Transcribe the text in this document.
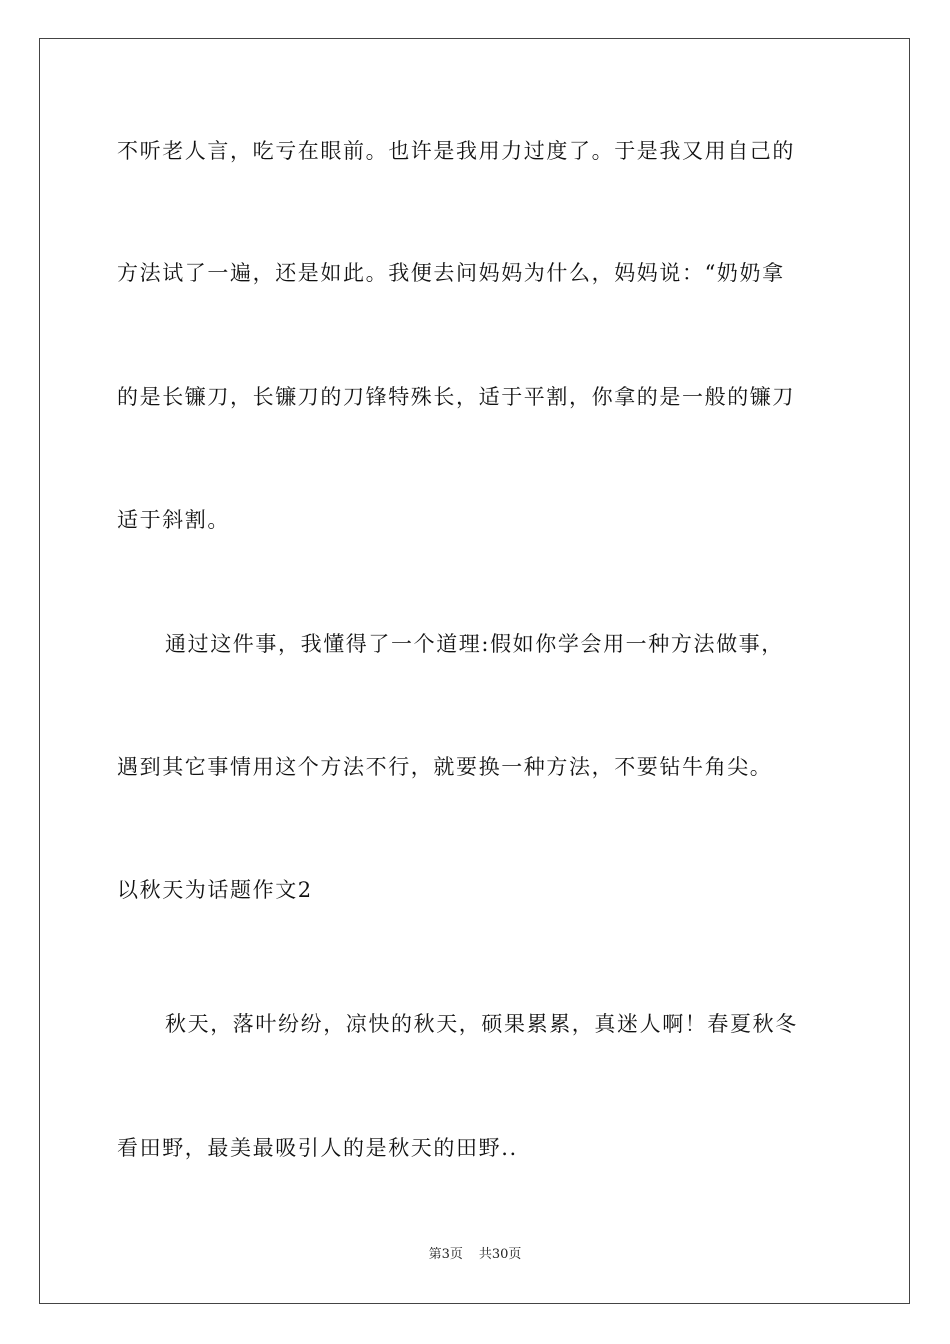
不听老人言，吃亏在眼前。也许是我用力过度了。于是我又用自己的
方法试了一遍，还是如此。我便去问妈妈为什么，妈妈说：“奶奶拿
的是长镰刀，长镰刀的刀锋特殊长，适于平割，你拿的是一般的镰刀
适于斜割。
通过这件事，我懂得了一个道理:假如你学会用一种方法做事，
遇到其它事情用这个方法不行，就要换一种方法，不要钻牛角尖。
以秋天为话题作文2
秋天，落叶纷纷，凉快的秋天，硕果累累，真迷人啊！春夏秋冬
看田野，最美最吸引人的是秋天的田野..
第3页 共30页
